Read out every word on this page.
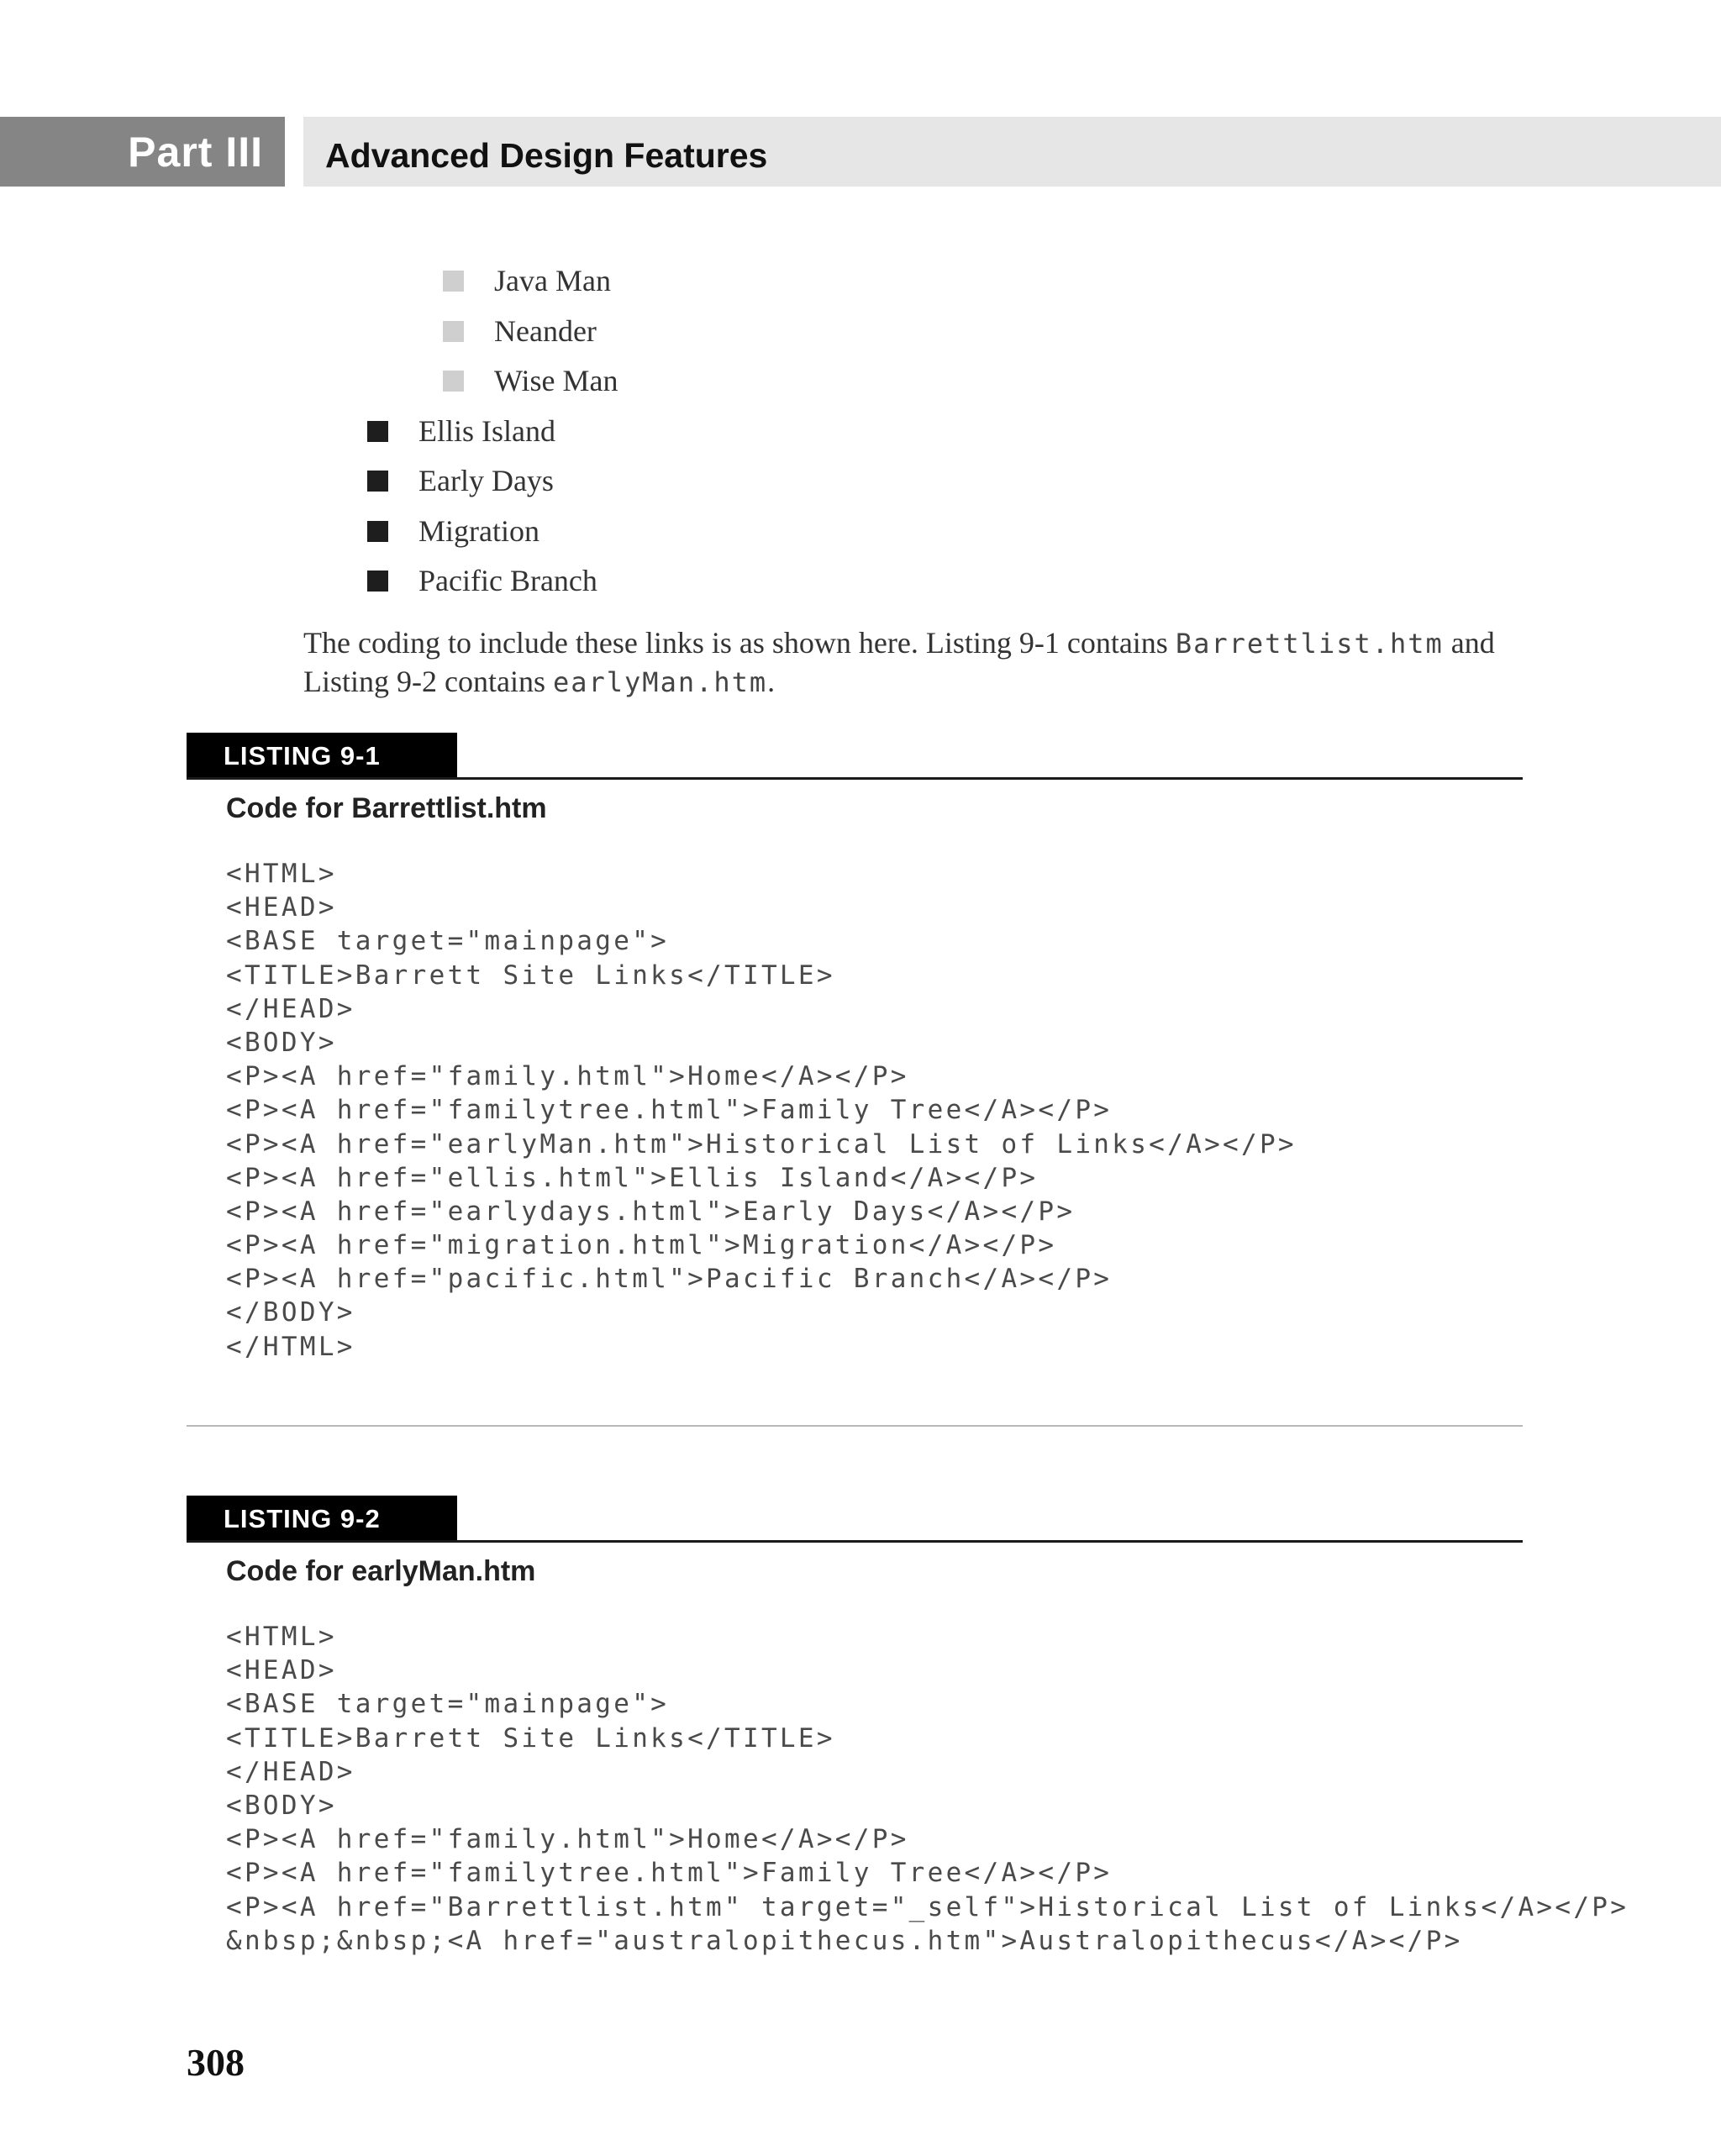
Part III Advanced Design Features
Java Man
Neander
Wise Man
Ellis Island
Early Days
Migration
Pacific Branch
The coding to include these links is as shown here. Listing 9-1 contains Barrettlist.htm and Listing 9-2 contains earlyMan.htm.
LISTING 9-1
Code for Barrettlist.htm
<HTML>
<HEAD>
<BASE target="mainpage">
<TITLE>Barrett Site Links</TITLE>
</HEAD>
<BODY>
<P><A href="family.html">Home</A></P>
<P><A href="familytree.html">Family Tree</A></P>
<P><A href="earlyMan.htm">Historical List of Links</A></P>
<P><A href="ellis.html">Ellis Island</A></P>
<P><A href="earlydays.html">Early Days</A></P>
<P><A href="migration.html">Migration</A></P>
<P><A href="pacific.html">Pacific Branch</A></P>
</BODY>
</HTML>
LISTING 9-2
Code for earlyMan.htm
<HTML>
<HEAD>
<BASE target="mainpage">
<TITLE>Barrett Site Links</TITLE>
</HEAD>
<BODY>
<P><A href="family.html">Home</A></P>
<P><A href="familytree.html">Family Tree</A></P>
<P><A href="Barrettlist.htm" target="_self">Historical List of Links</A></P>
&nbsp;&nbsp;<A href="australopithecus.htm">Australopithecus</A></P>
308
